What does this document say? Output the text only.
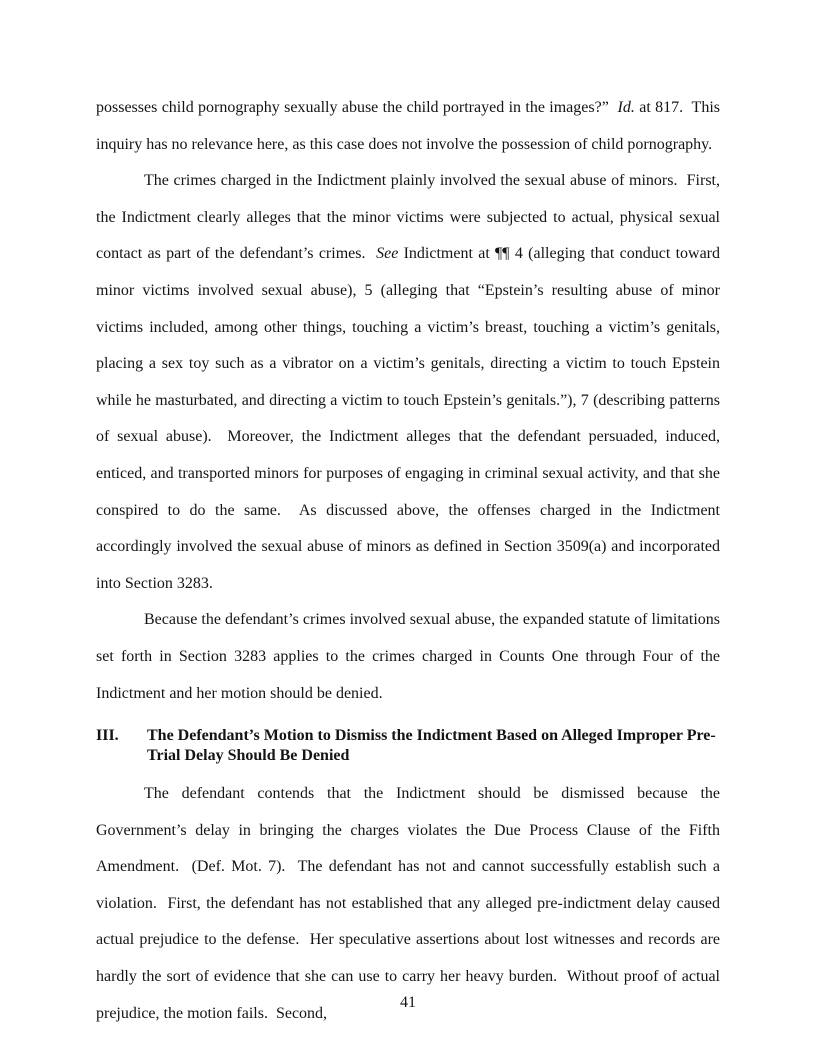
possesses child pornography sexually abuse the child portrayed in the images?”  Id. at 817.  This inquiry has no relevance here, as this case does not involve the possession of child pornography.

The crimes charged in the Indictment plainly involved the sexual abuse of minors.  First, the Indictment clearly alleges that the minor victims were subjected to actual, physical sexual contact as part of the defendant’s crimes.  See Indictment at ¶¶ 4 (alleging that conduct toward minor victims involved sexual abuse), 5 (alleging that “Epstein’s resulting abuse of minor victims included, among other things, touching a victim’s breast, touching a victim’s genitals, placing a sex toy such as a vibrator on a victim’s genitals, directing a victim to touch Epstein while he masturbated, and directing a victim to touch Epstein’s genitals.”), 7 (describing patterns of sexual abuse).  Moreover, the Indictment alleges that the defendant persuaded, induced, enticed, and transported minors for purposes of engaging in criminal sexual activity, and that she conspired to do the same.  As discussed above, the offenses charged in the Indictment accordingly involved the sexual abuse of minors as defined in Section 3509(a) and incorporated into Section 3283.

Because the defendant’s crimes involved sexual abuse, the expanded statute of limitations set forth in Section 3283 applies to the crimes charged in Counts One through Four of the Indictment and her motion should be denied.

III.	The Defendant’s Motion to Dismiss the Indictment Based on Alleged Improper Pre-Trial Delay Should Be Denied

The defendant contends that the Indictment should be dismissed because the Government’s delay in bringing the charges violates the Due Process Clause of the Fifth Amendment.  (Def. Mot. 7).  The defendant has not and cannot successfully establish such a violation.  First, the defendant has not established that any alleged pre-indictment delay caused actual prejudice to the defense.  Her speculative assertions about lost witnesses and records are hardly the sort of evidence that she can use to carry her heavy burden.  Without proof of actual prejudice, the motion fails.  Second,

41
